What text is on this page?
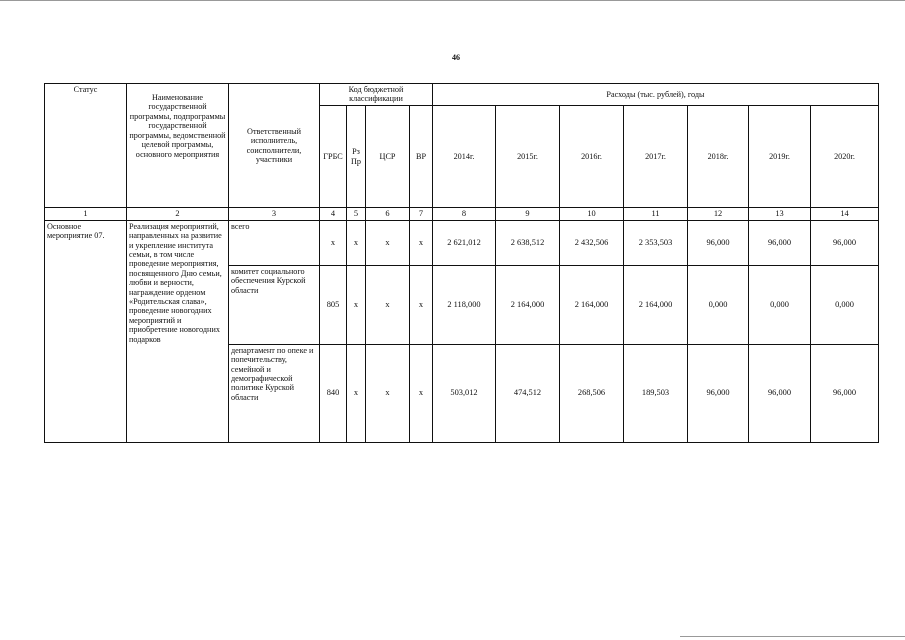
46
Статус	Наименование государственной программы, подпрограммы государственной программы, ведомственной целевой программы, основного мероприятия	Ответственный исполнитель, соисполнители, участники	Код бюджетной классификации				Расходы (тыс. рублей), годы						
			ГРБС	Рз Пр	ЦСР	ВР	2014г.	2015г.	2016г.	2017г.	2018г.	2019г.	2020г.
1	2	3	4	5	6	7	8	9	10	11	12	13	14
Основное мероприятие 07.	Реализация мероприятий, направленных на развитие и укрепление института семьи, в том числе проведение мероприятия, посвященного Дню семьи, любви и верности, награждение орденом «Родительская слава», проведение новогодних мероприятий и приобретение новогодних подарков	всего	х	х	х	х	2 621,012	2 638,512	2 432,506	2 353,503	96,000	96,000	96,000
		комитет социального обеспечения Курской области	805	х	х	х	2 118,000	2 164,000	2 164,000	2 164,000	0,000	0,000	0,000
		департамент по опеке и попечительству, семейной и демографической политике Курской области	840	х	х	х	503,012	474,512	268,506	189,503	96,000	96,000	96,000
